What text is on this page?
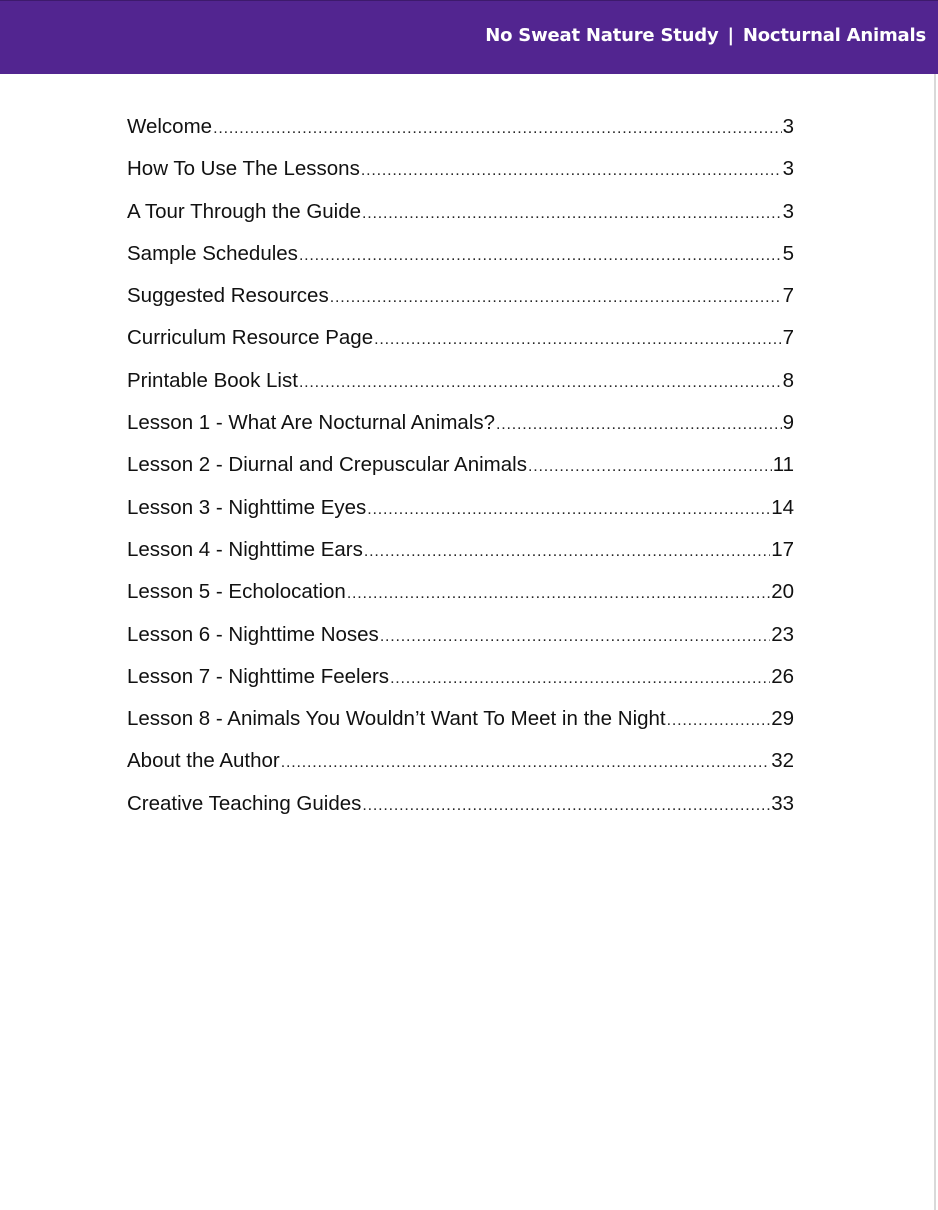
No Sweat Nature Study | Nocturnal Animals
Welcome .....	3
How To Use The Lessons .....	3
A Tour Through the Guide .....	3
Sample Schedules .....	5
Suggested Resources .....	7
Curriculum Resource Page .....	7
Printable Book List .....	8
Lesson 1 - What Are Nocturnal Animals? .....	9
Lesson 2 - Diurnal and Crepuscular Animals .....	11
Lesson 3 - Nighttime Eyes .....	14
Lesson 4 - Nighttime Ears .....	17
Lesson 5 - Echolocation .....	20
Lesson 6 - Nighttime Noses .....	23
Lesson 7 - Nighttime Feelers .....	26
Lesson 8 - Animals You Wouldn’t Want To Meet in the Night .....	29
About the Author .....	32
Creative Teaching Guides .....	33
